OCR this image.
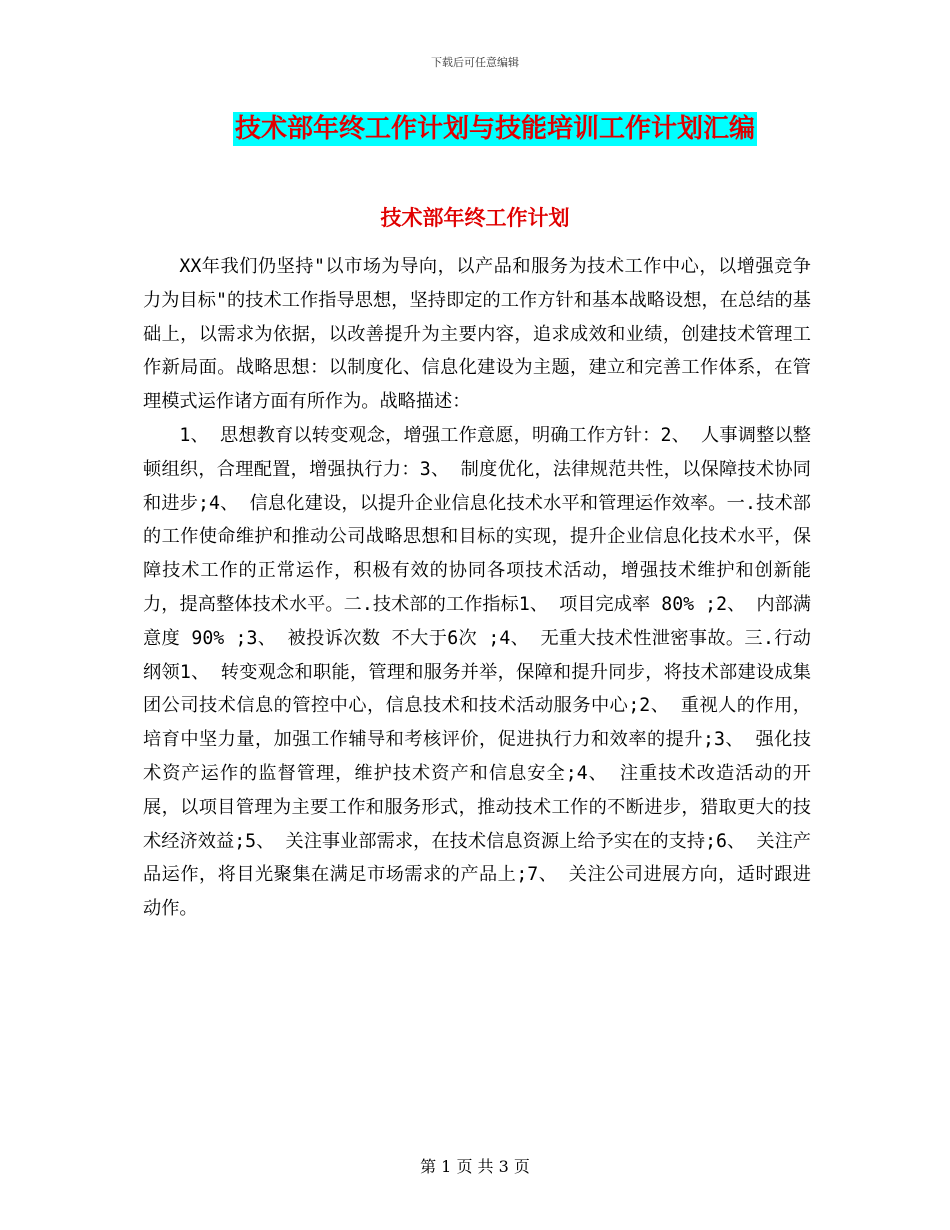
下载后可任意编辑
技术部年终工作计划与技能培训工作计划汇编
技术部年终工作计划

XX年我们仍坚持"以市场为导向，以产品和服务为技术工作中心，以增强竞争力为目标"的技术工作指导思想，坚持即定的工作方针和基本战略设想，在总结的基础上，以需求为依据，以改善提升为主要内容，追求成效和业绩，创建技术管理工作新局面。战略思想：以制度化、信息化建设为主题，建立和完善工作体系，在管理模式运作诸方面有所作为。战略描述：

1、 思想教育以转变观念，增强工作意愿，明确工作方针：2、 人事调整以整顿组织，合理配置，增强执行力：3、 制度优化，法律规范共性，以保障技术协同和进步;4、 信息化建设，以提升企业信息化技术水平和管理运作效率。一.技术部的工作使命维护和推动公司战略思想和目标的实现，提升企业信息化技术水平，保障技术工作的正常运作，积极有效的协同各项技术活动，增强技术维护和创新能力，提高整体技术水平。二.技术部的工作指标1、 项目完成率 80% ;2、 内部满意度 90% ;3、 被投诉次数 不大于6次 ;4、 无重大技术性泄密事故。三.行动纲领1、 转变观念和职能，管理和服务并举，保障和提升同步，将技术部建设成集团公司技术信息的管控中心，信息技术和技术活动服务中心;2、 重视人的作用，培育中坚力量，加强工作辅导和考核评价，促进执行力和效率的提升;3、 强化技术资产运作的监督管理，维护技术资产和信息安全;4、 注重技术改造活动的开展，以项目管理为主要工作和服务形式，推动技术工作的不断进步，猎取更大的技术经济效益;5、 关注事业部需求，在技术信息资源上给予实在的支持;6、 关注产品运作，将目光聚集在满足市场需求的产品上;7、 关注公司进展方向，适时跟进动作。

第 1 页 共 3 页
